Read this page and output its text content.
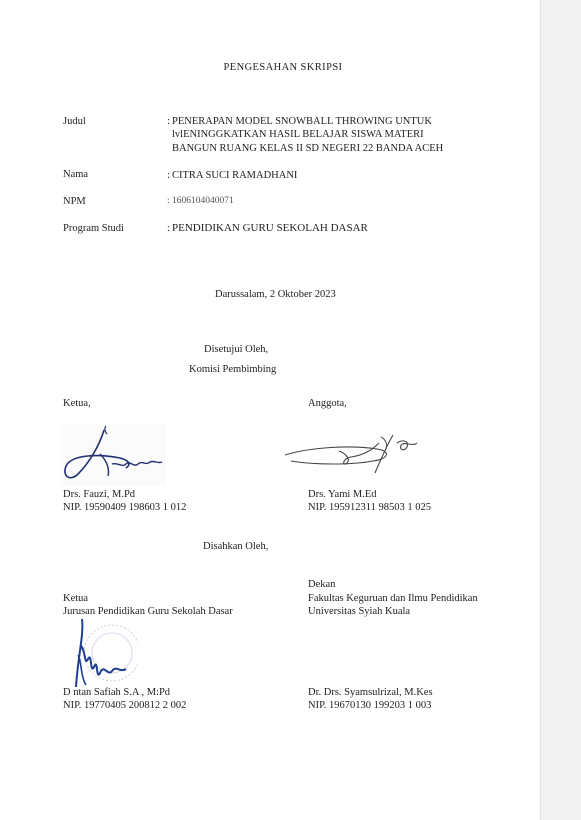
PENGESAHAN SKRIPSI
Judul	: PENERAPAN MODEL SNOWBALL THROWING UNTUK
lvlENINGGKATKAN HASIL BELAJAR SISWA MATERI
BANGUN RUANG KELAS II SD NEGERI 22 BANDA ACEH
Nama	: CITRA SUCI RAMADHANI
NPM	: 1606104040071
Program Studi	: PENDIDIKAN GURU SEKOLAH DASAR
Darussalam, 2 Oktober 2023
Disetujui Oleh,
Komisi Pembimbing
Ketua,	Anggota,
Drs. Fauzi, M.Pd
NIP. 19590409 198603 1 012
Drs. Yami M.Ed
NIP. 195912311 98503 1 025
Disahkan Oleh,
Ketua
Jurusan Pendidikan Guru Sekolah Dasar
Dekan
Fakultas Keguruan dan Ilmu Pendidikan
Universitas Syiah Kuala
D ntan Safiah S.A , M:Pd
NIP. 19770405 200812 2 002
Dr. Drs. Syamsulrizal, M.Kes
NIP. 19670130 199203 1 003
